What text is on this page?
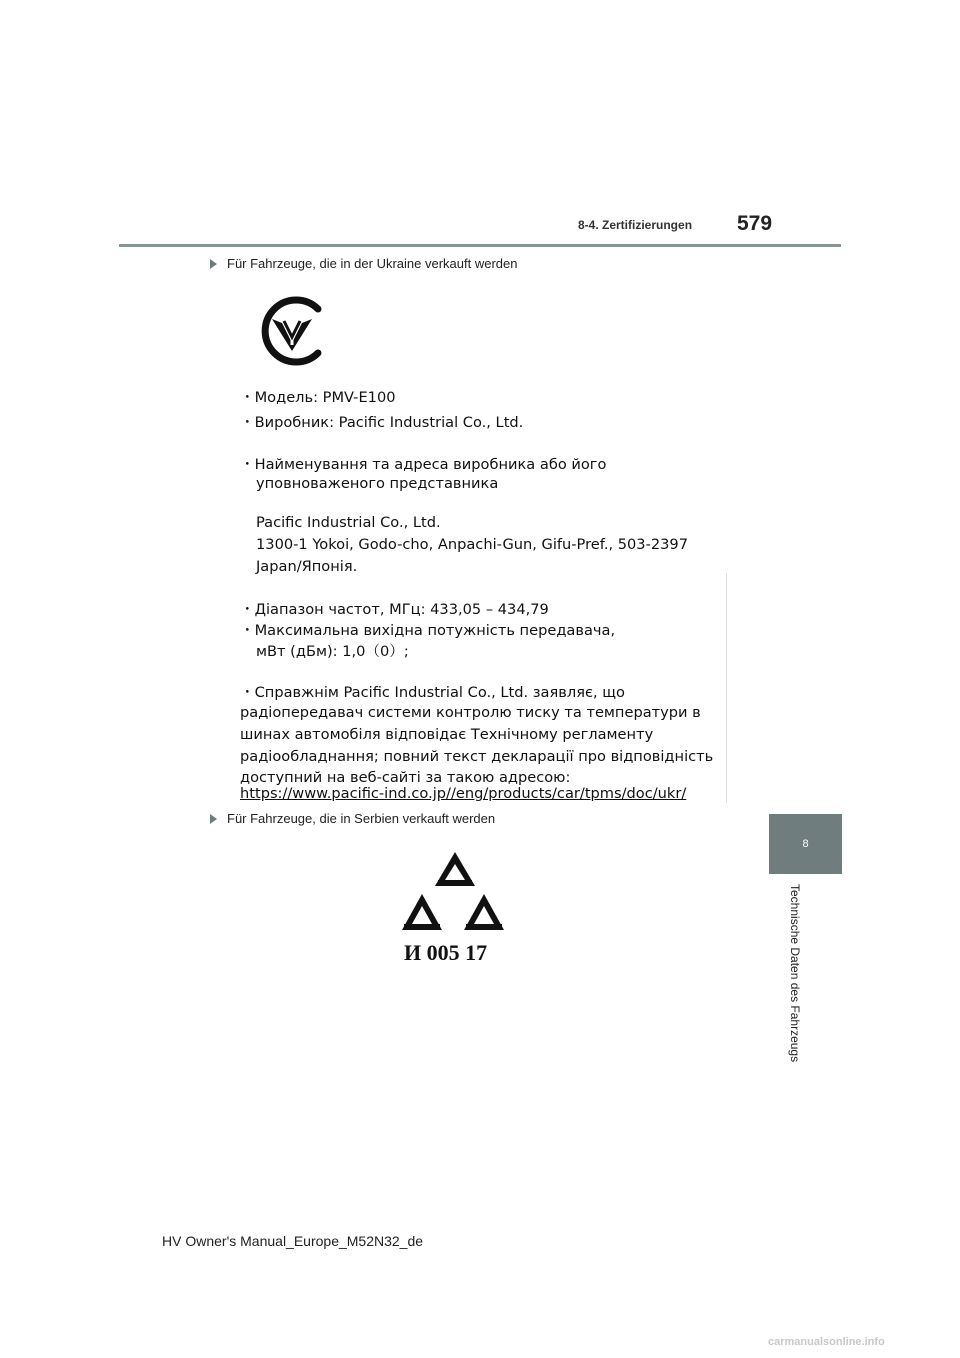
8-4. Zertifizierungen 579
8
Technische Daten des Fahrzeugs
Für Fahrzeuge, die in der Ukraine verkauft werden
・Модель: PMV-E100
・Виробник: Pacific Industrial Co., Ltd.
・Найменування та адреса виробника або його
уповноваженого представника
Pacific Industrial Co., Ltd.
1300-1 Yokoi, Godo-cho, Anpachi-Gun, Gifu-Pref., 503-2397
Japan/Японія.
・Діапазон частот, МГц: 433,05 – 434,79
・Максимальна вихідна потужність передавача,
мВт (дБм): 1,0（0）;
・Справжнім Pacific Industrial Co., Ltd. заявляє, що
радіопередавач системи контролю тиску та температури в
шинах автомобіля відповідає Технічному регламенту
радіообладнання; повний текст декларації про відповідність
доступний на веб-сайті за такою адресою:
https://www.pacific-ind.co.jp//eng/products/car/tpms/doc/ukr/
Für Fahrzeuge, die in Serbien verkauft werden
И 005 17
HV Owner's Manual_Europe_M52N32_de
carmanualsonline.info
